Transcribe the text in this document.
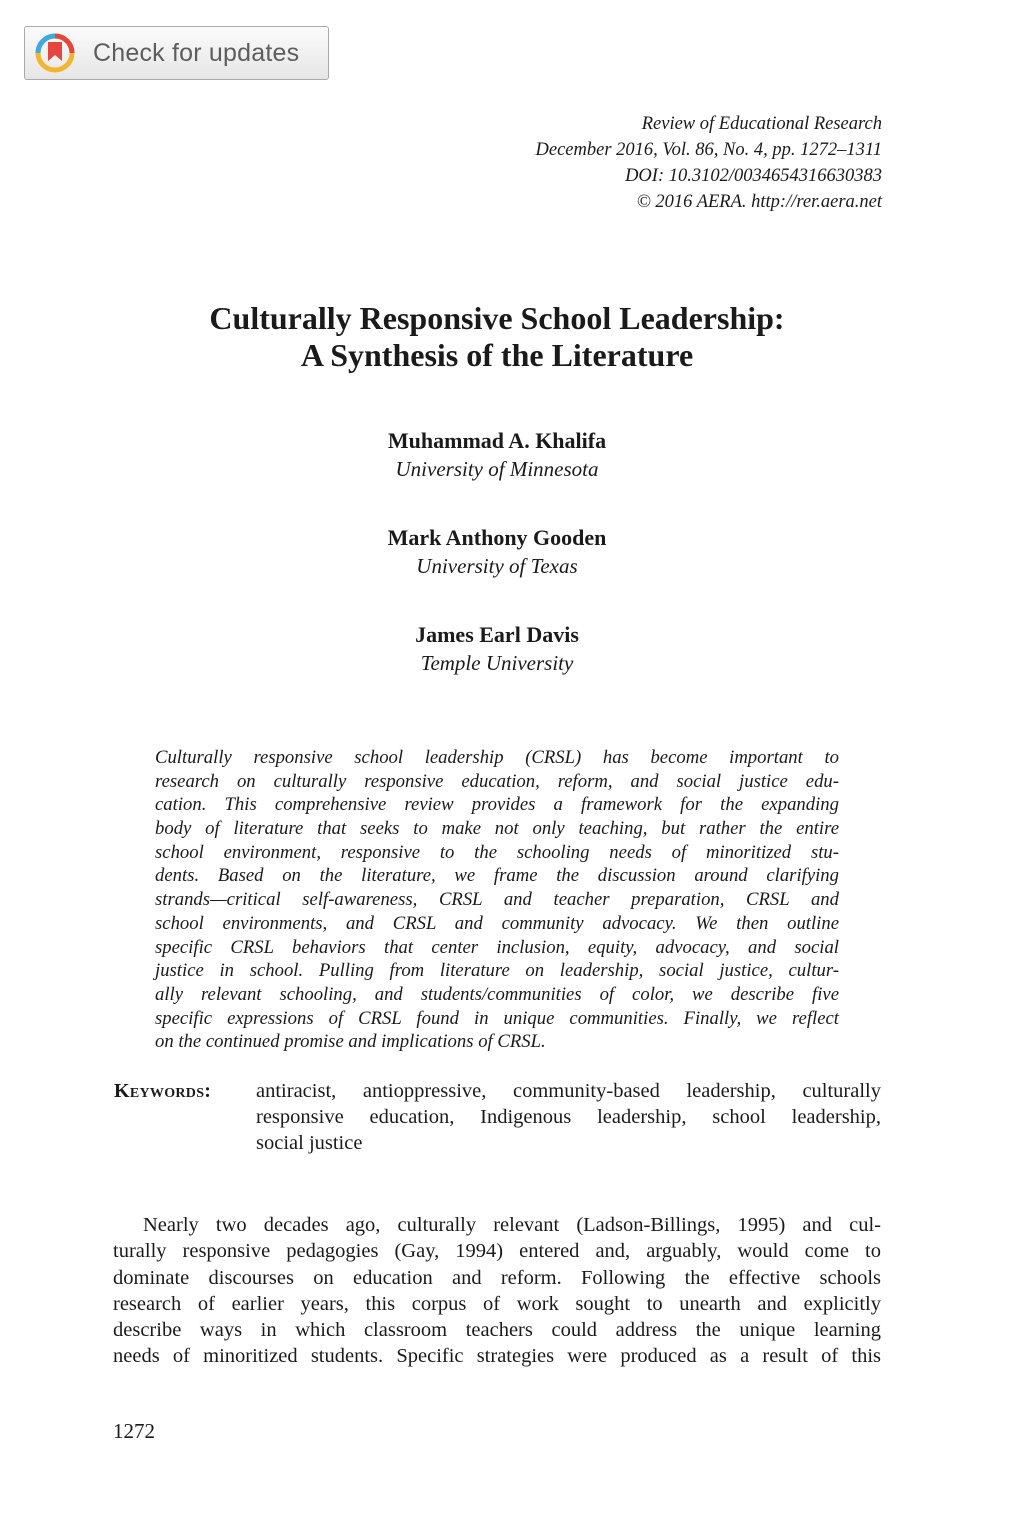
Check for updates
Review of Educational Research
December 2016, Vol. 86, No. 4, pp. 1272–1311
DOI: 10.3102/0034654316630383
© 2016 AERA. http://rer.aera.net
Culturally Responsive School Leadership:
A Synthesis of the Literature
Muhammad A. Khalifa
University of Minnesota
Mark Anthony Gooden
University of Texas
James Earl Davis
Temple University
Culturally responsive school leadership (CRSL) has become important to
research on culturally responsive education, reform, and social justice edu-
cation. This comprehensive review provides a framework for the expanding
body of literature that seeks to make not only teaching, but rather the entire
school environment, responsive to the schooling needs of minoritized stu-
dents. Based on the literature, we frame the discussion around clarifying
strands—critical self-awareness, CRSL and teacher preparation, CRSL and
school environments, and CRSL and community advocacy. We then outline
specific CRSL behaviors that center inclusion, equity, advocacy, and social
justice in school. Pulling from literature on leadership, social justice, cultur-
ally relevant schooling, and students/communities of color, we describe five
specific expressions of CRSL found in unique communities. Finally, we reflect
on the continued promise and implications of CRSL.
Keywords: antiracist, antioppressive, community-based leadership, culturally
responsive education, Indigenous leadership, school leadership,
social justice
Nearly two decades ago, culturally relevant (Ladson-Billings, 1995) and cul-
turally responsive pedagogies (Gay, 1994) entered and, arguably, would come to
dominate discourses on education and reform. Following the effective schools
research of earlier years, this corpus of work sought to unearth and explicitly
describe ways in which classroom teachers could address the unique learning
needs of minoritized students. Specific strategies were produced as a result of this
1272
